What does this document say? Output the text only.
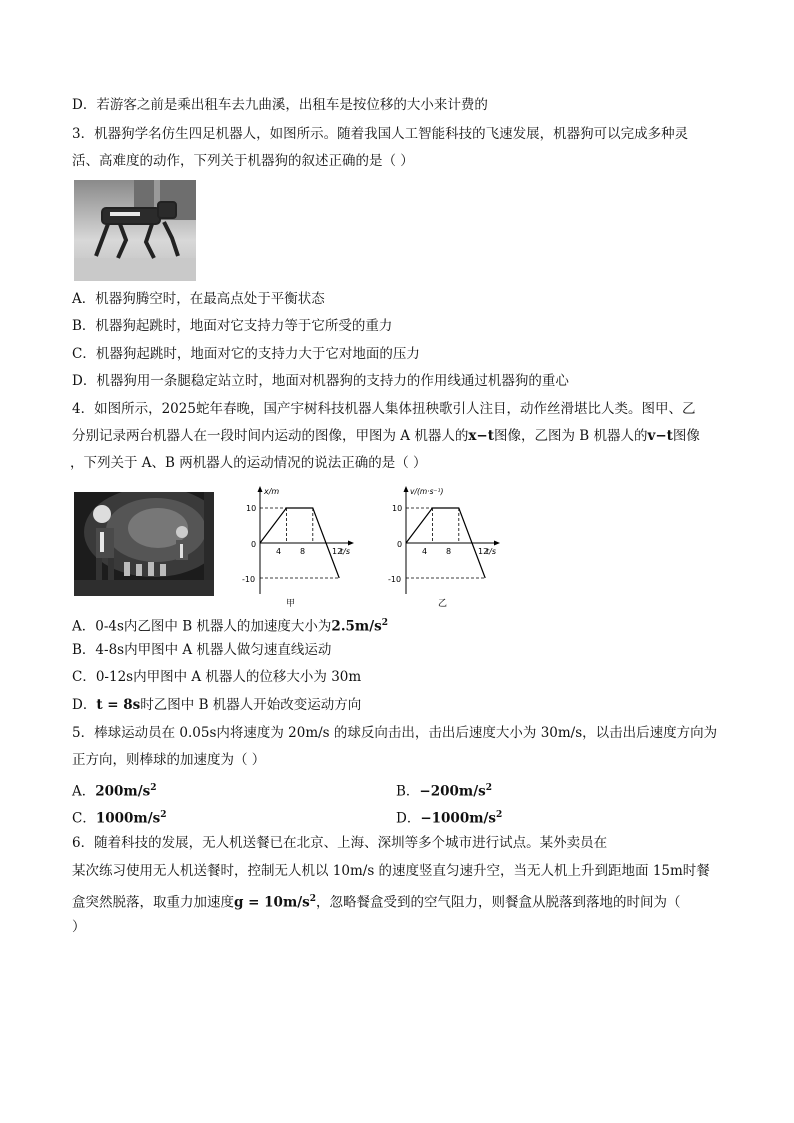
D．若游客之前是乘出租车去九曲溪，出租车是按位移的大小来计费的
3．机器狗学名仿生四足机器人，如图所示。随着我国人工智能科技的飞速发展，机器狗可以完成多种灵
活、高难度的动作，下列关于机器狗的叙述正确的是（ ）
A．机器狗腾空时，在最高点处于平衡状态
B．机器狗起跳时，地面对它支持力等于它所受的重力
C．机器狗起跳时，地面对它的支持力大于它对地面的压力
D．机器狗用一条腿稳定站立时，地面对机器狗的支持力的作用线通过机器狗的重心
4．如图所示，2025蛇年春晚，国产宇树科技机器人集体扭秧歌引人注目，动作丝滑堪比人类。图甲、乙
分别记录两台机器人在一段时间内运动的图像，甲图为 A 机器人的x−t图像，乙图为 B 机器人的v−t图像
，下列关于 A、B 两机器人的运动情况的说法正确的是（ ）
x/m
t/s
10
-10
0
4 8	12
甲
v/(m·s⁻¹)
t/s
10
-10
0
4 8	12
乙
A．0-4s内乙图中 B 机器人的加速度大小为$2.5m/s^2$
B．4-8s内甲图中 A 机器人做匀速直线运动
C．0-12s内甲图中 A 机器人的位移大小为 30m
D．t = 8s时乙图中 B 机器人开始改变运动方向
5．棒球运动员在 0.05s内将速度为 20m/s 的球反向击出，击出后速度大小为 30m/s，以击出后速度方向为
正方向，则棒球的加速度为（ ）
A．$200m/s^2$	B．$-200m/s^2$
C．$1000m/s^2$	D．$-1000m/s^2$
6．随着科技的发展，无人机送餐已在北京、上海、深圳等多个城市进行试点。某外卖员在
某次练习使用无人机送餐时，控制无人机以 10m/s 的速度竖直匀速升空，当无人机上升到距地面 15m时餐
盒突然脱落，取重力加速度$g = 10m/s^2$，忽略餐盒受到的空气阻力，则餐盒从脱落到落地的时间为（
）
